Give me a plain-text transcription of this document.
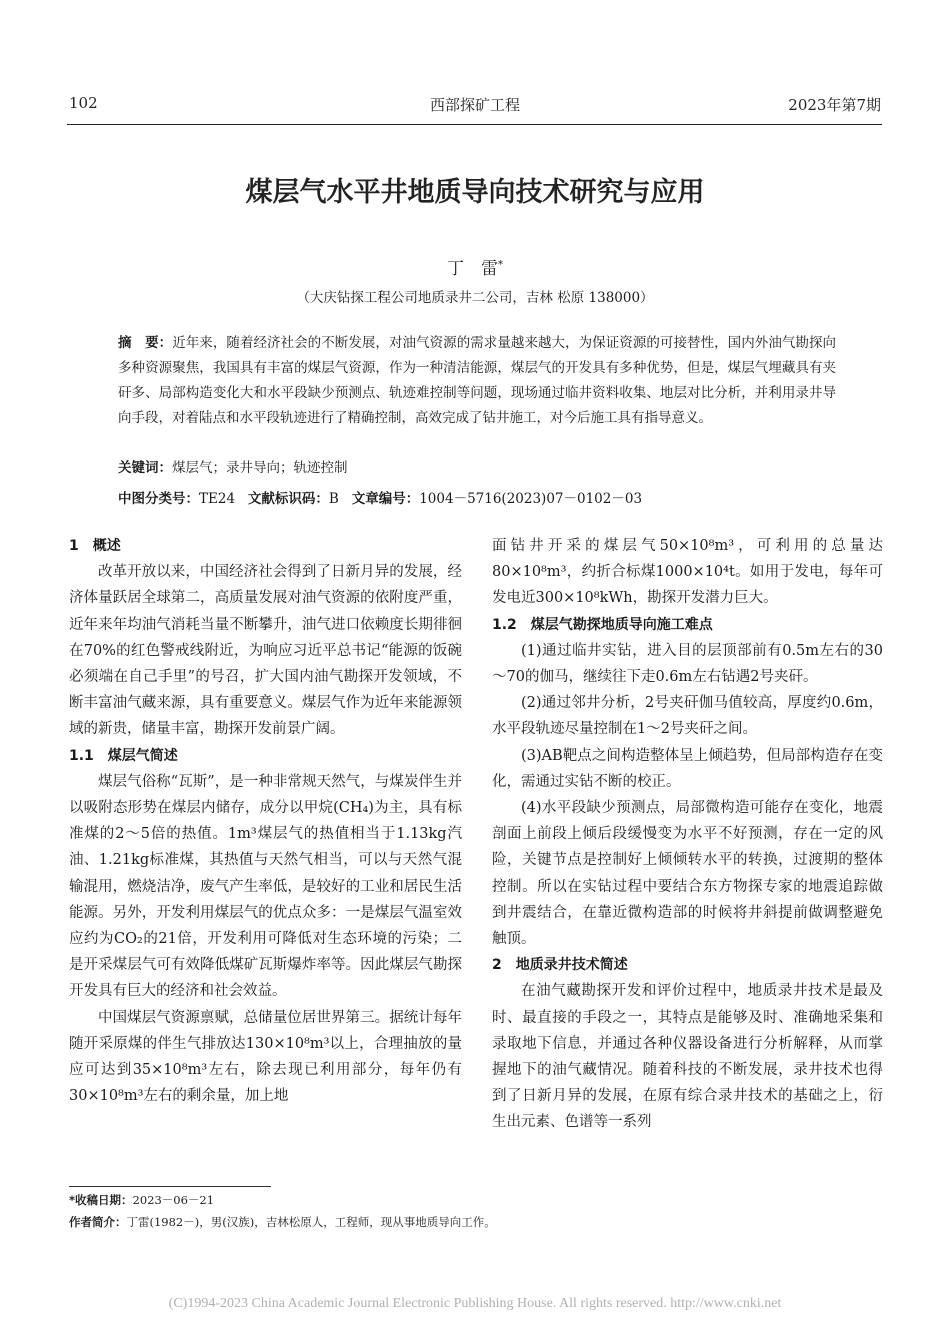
102	西部探矿工程	2023年第7期
煤层气水平井地质导向技术研究与应用
丁　雷*
（大庆钻探工程公司地质录井二公司，吉林 松原 138000）
摘　要：近年来，随着经济社会的不断发展，对油气资源的需求量越来越大，为保证资源的可接替性，国内外油气勘探向多种资源聚焦，我国具有丰富的煤层气资源，作为一种清洁能源，煤层气的开发具有多种优势，但是，煤层气埋藏具有夹矸多、局部构造变化大和水平段缺少预测点、轨迹难控制等问题，现场通过临井资料收集、地层对比分析，并利用录井导向手段，对着陆点和水平段轨迹进行了精确控制，高效完成了钻井施工，对今后施工具有指导意义。
关键词：煤层气；录井导向；轨迹控制
中图分类号：TE24 文献标识码：B 文章编号：1004－5716(2023)07－0102－03

1　概述

改革开放以来，中国经济社会得到了日新月异的发展，经济体量跃居全球第二，高质量发展对油气资源的依附度严重，近年来年均油气消耗当量不断攀升，油气进口依赖度长期徘徊在70%的红色警戒线附近，为响应习近平总书记“能源的饭碗必须端在自己手里”的号召，扩大国内油气勘探开发领域，不断丰富油气藏来源，具有重要意义。煤层气作为近年来能源领域的新贵，储量丰富，勘探开发前景广阔。

1.1　煤层气简述

煤层气俗称“瓦斯”，是一种非常规天然气，与煤炭伴生并以吸附态形势在煤层内储存，成分以甲烷(CH₄)为主，具有标准煤的2～5倍的热值。1m³煤层气的热值相当于1.13kg汽油、1.21kg标准煤，其热值与天然气相当，可以与天然气混输混用，燃烧洁净，废气产生率低，是较好的工业和居民生活能源。另外，开发利用煤层气的优点众多：一是煤层气温室效应约为CO₂的21倍，开发利用可降低对生态环境的污染；二是开采煤层气可有效降低煤矿瓦斯爆炸率等。因此煤层气勘探开发具有巨大的经济和社会效益。

中国煤层气资源禀赋，总储量位居世界第三。据统计每年随开采原煤的伴生气排放达130×10⁸m³以上，合理抽放的量应可达到35×10⁸m³左右，除去现已利用部分，每年仍有30×10⁸m³左右的剩余量，加上地

面钻井开采的煤层气50×10⁸m³，可利用的总量达80×10⁸m³，约折合标煤1000×10⁴t。如用于发电，每年可发电近300×10⁸kWh，勘探开发潜力巨大。

1.2　煤层气勘探地质导向施工难点

(1)通过临井实钻，进入目的层顶部前有0.5m左右的30～70的伽马，继续往下走0.6m左右钻遇2号夹矸。

(2)通过邻井分析，2号夹矸伽马值较高，厚度约0.6m，水平段轨迹尽量控制在1～2号夹矸之间。

(3)AB靶点之间构造整体呈上倾趋势，但局部构造存在变化，需通过实钻不断的校正。

(4)水平段缺少预测点，局部微构造可能存在变化，地震剖面上前段上倾后段缓慢变为水平不好预测，存在一定的风险，关键节点是控制好上倾倾转水平的转换，过渡期的整体控制。所以在实钻过程中要结合东方物探专家的地震追踪做到井震结合，在靠近微构造部的时候将井斜提前做调整避免触顶。

2　地质录井技术简述

在油气藏勘探开发和评价过程中，地质录井技术是最及时、最直接的手段之一，其特点是能够及时、准确地采集和录取地下信息，并通过各种仪器设备进行分析解释，从而掌握地下的油气藏情况。随着科技的不断发展，录井技术也得到了日新月异的发展，在原有综合录井技术的基础之上，衍生出元素、色谱等一系列

*收稿日期：2023－06－21
作者简介：丁雷(1982－)，男(汉族)，吉林松原人，工程师，现从事地质导向工作。
(C)1994-2023 China Academic Journal Electronic Publishing House. All rights reserved. http://www.cnki.net
